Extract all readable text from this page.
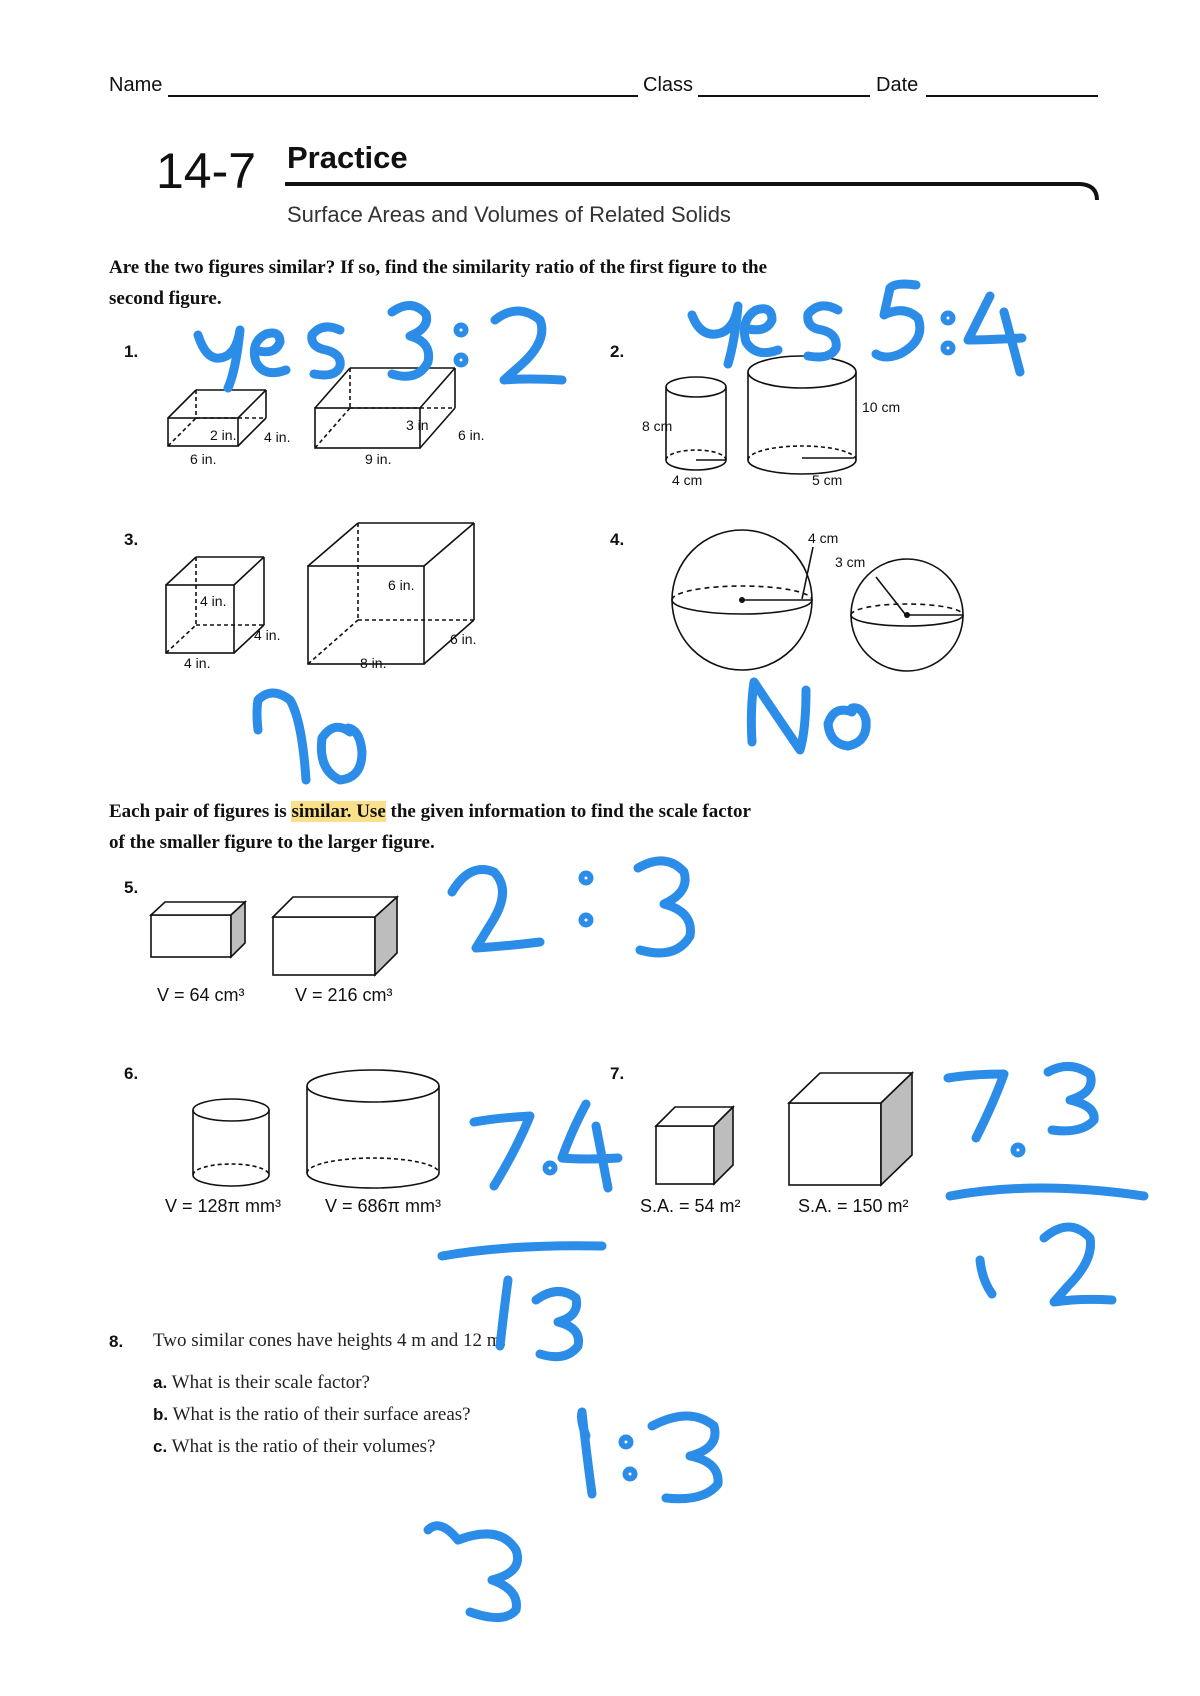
Name	Class	Date
14-7 Practice
Surface Areas and Volumes of Related Solids
Are the two figures similar? If so, find the similarity ratio of the first figure to the
second figure.
1.
2 in. 4 in.
6 in.
3 in
6 in.
9 in.
2.
8 cm
4 cm
10 cm
5 cm
3.
4 in.
4 in.
4 in.
6 in.
6 in.
8 in.
4.	4 cm
3 cm
Each pair of figures is similar. Use the given information to find the scale factor
of the smaller figure to the larger figure.
5.
V = 64 cm³	V = 216 cm³
6.
V = 128π mm³ V = 686π mm³
7.
S.A. = 54 m²	S.A. = 150 m²
8. Two similar cones have heights 4 m and 12 m.
a. What is their scale factor?
b. What is the ratio of their surface areas?
c. What is the ratio of their volumes?
